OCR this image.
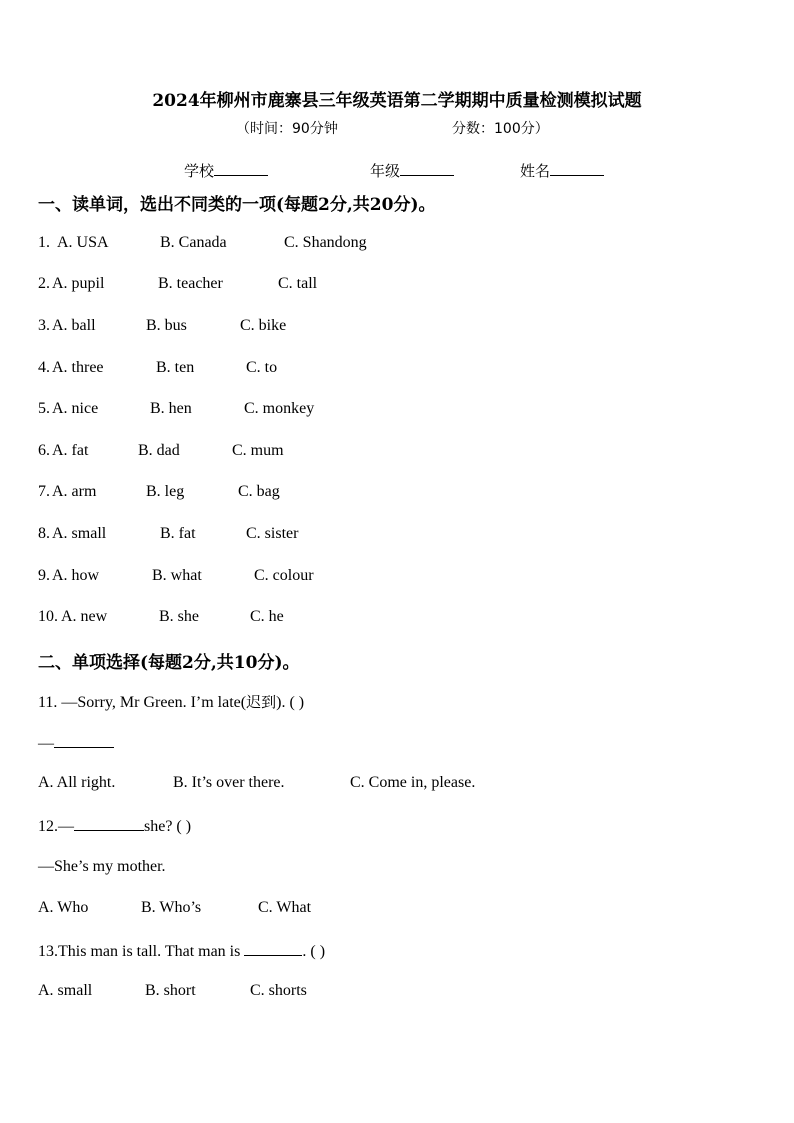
2024年柳州市鹿寨县三年级英语第二学期期中质量检测模拟试题
（时间：90分钟	分数：100分）
学校	年级	姓名
一、读单词，选出不同类的一项(每题2分,共20分)。
1. A. USA	B. Canada	C. Shandong
2. A. pupil	B. teacher	C. tall
3. A. ball	B. bus	C. bike
4. A. three	B. ten	C. to
5. A. nice	B. hen	C. monkey
6. A. fat	B. dad	C. mum
7. A. arm	B. leg	C. bag
8. A. small	B. fat	C. sister
9. A. how	B. what	C. colour
10. A. new	B. she	C. he
二、单项选择(每题2分,共10分)。
11. —Sorry, Mr Green. I’m late(迟到). ( )
—
A. All right.	B. It’s over there.	C. Come in, please.
12.—	she? ( )
—She’s my mother.
A. Who	B. Who’s	C. What
13.This man is tall. That man is	. ( )
A. small	B. short	C. shorts
